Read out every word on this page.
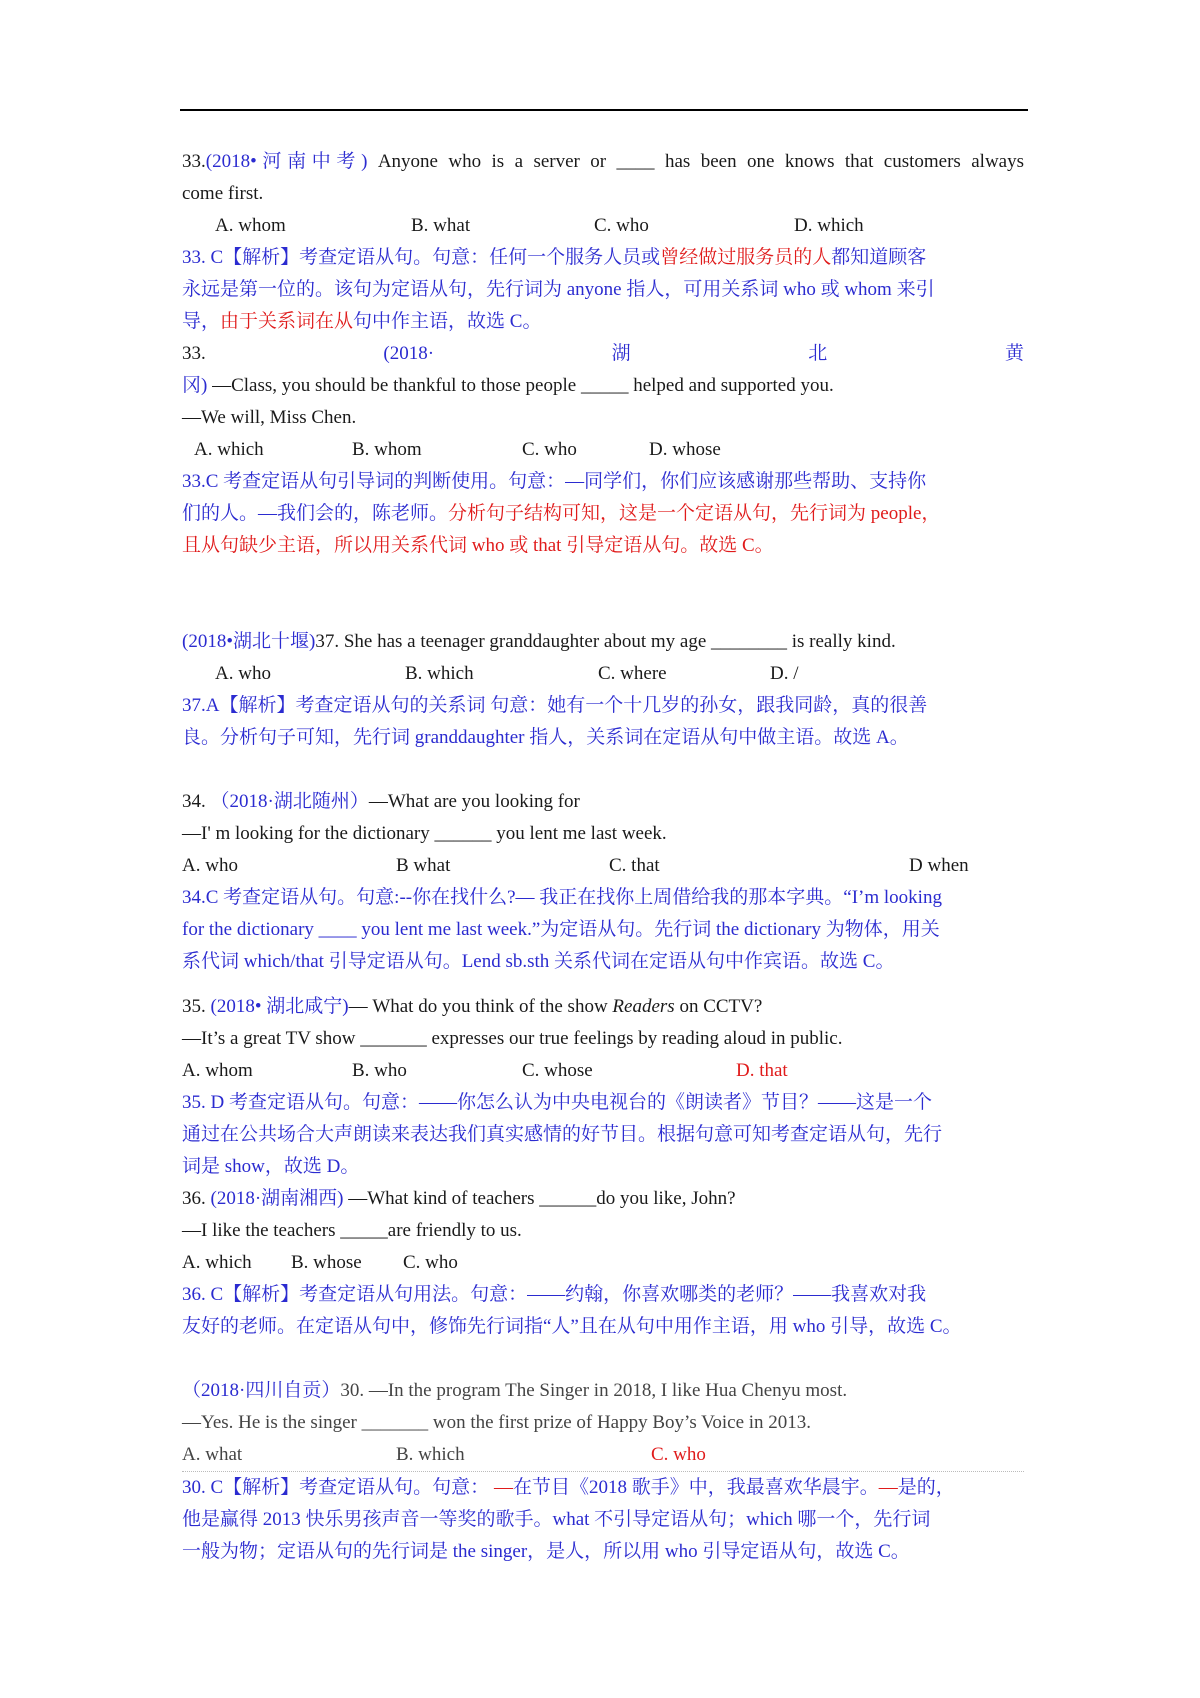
33.(2018•河南中考) Anyone who is a server or ____ has been one knows that customers always
come first.
A. whom	B. what	C. who	D. which
33. C【解析】考查定语从句。句意：任何一个服务人员或曾经做过服务员的人都知道顾客
永远是第一位的。该句为定语从句，先行词为 anyone 指人，可用关系词 who 或 whom 来引
导，由于关系词在从句中作主语，故选 C。
33.	(2018·	湖	北	黄
冈) —Class, you should be thankful to those people _____ helped and supported you.
—We will, Miss Chen.
A. which	B. whom	C. who	D. whose
33.C 考查定语从句引导词的判断使用。句意：—同学们，你们应该感谢那些帮助、支持你
们的人。—我们会的，陈老师。分析句子结构可知，这是一个定语从句，先行词为 people，
且从句缺少主语，所以用关系代词 who 或 that 引导定语从句。故选 C。
(2018•湖北十堰)37. She has a teenager granddaughter about my age ________ is really kind.
A. who	B. which	C. where	D. /
37.A【解析】考查定语从句的关系词 句意：她有一个十几岁的孙女，跟我同龄，真的很善
良。分析句子可知，先行词 granddaughter 指人，关系词在定语从句中做主语。故选 A。
34. （2018·湖北随州）—What are you looking for
—I' m looking for the dictionary ______ you lent me last week.
A. who	B what	C. that	D when
34.C 考查定语从句。句意:--你在找什么?— 我正在找你上周借给我的那本字典。“I’m looking
for the dictionary ____ you lent me last week.”为定语从句。先行词 the dictionary 为物体，用关
系代词 which/that 引导定语从句。Lend sb.sth 关系代词在定语从句中作宾语。故选 C。
35. (2018• 湖北咸宁)— What do you think of the show Readers on CCTV?
—It’s a great TV show _______ expresses our true feelings by reading aloud in public.
A. whom	B. who	C. whose	D. that
35. D 考查定语从句。句意：——你怎么认为中央电视台的《朗读者》节目？——这是一个
通过在公共场合大声朗读来表达我们真实感情的好节目。根据句意可知考查定语从句，先行
词是 show，故选 D。
36. (2018·湖南湘西) —What kind of teachers ______do you like, John?
—I like the teachers _____are friendly to us.
A. which B. whose C. who
36. C【解析】考查定语从句用法。句意：——约翰，你喜欢哪类的老师？——我喜欢对我
友好的老师。在定语从句中，修饰先行词指“人”且在从句中用作主语，用 who 引导，故选 C。
（2018·四川自贡）30. —In the program The Singer in 2018, I like Hua Chenyu most.
—Yes. He is the singer _______ won the first prize of Happy Boy’s Voice in 2013.
A. what	B. which	C. who
30. C【解析】考查定语从句。句意： —在节目《2018 歌手》中，我最喜欢华晨宇。—是的，
他是赢得 2013 快乐男孩声音一等奖的歌手。what 不引导定语从句；which 哪一个，先行词
一般为物；定语从句的先行词是 the singer，是人，所以用 who 引导定语从句，故选 C。
